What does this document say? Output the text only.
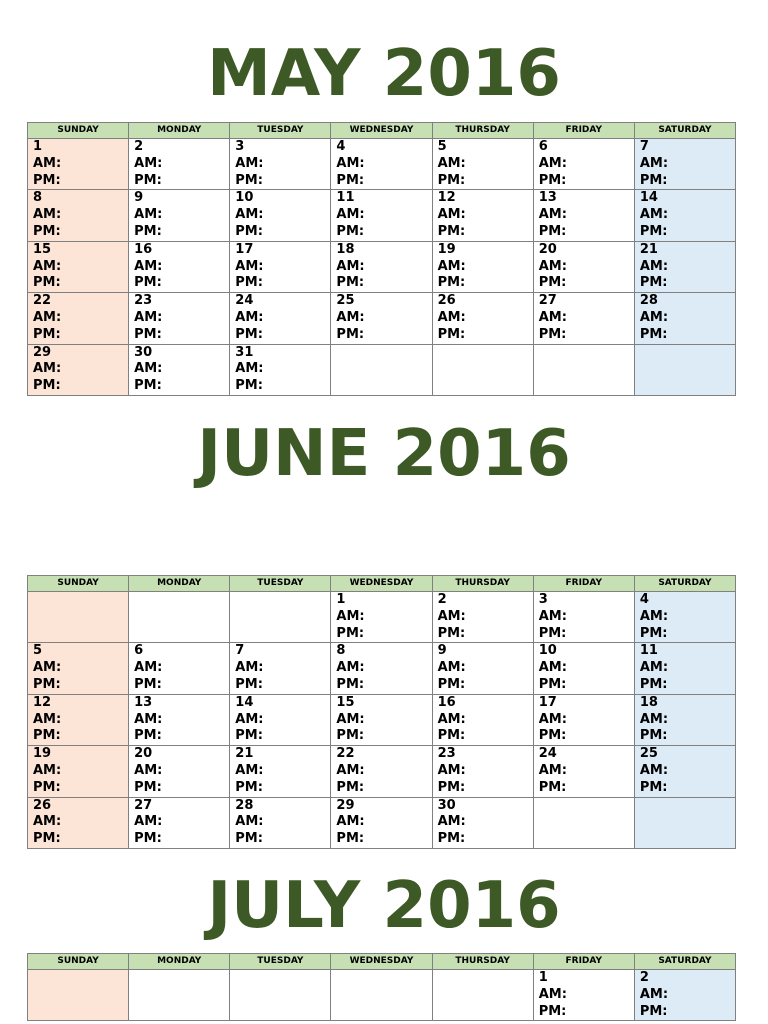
MAY 2016
SUNDAY	MONDAY	TUESDAY	WEDNESDAY	THURSDAY	FRIDAY	SATURDAY

1
AM:
PM:	2
AM:
PM:	3
AM:
PM:	4
AM:
PM:	5
AM:
PM:	6
AM:
PM:	7
AM:
PM:

8
AM:
PM:	9
AM:
PM:	10
AM:
PM:	11
AM:
PM:	12
AM:
PM:	13
AM:
PM:	14
AM:
PM:

15
AM:
PM:	16
AM:
PM:	17
AM:
PM:	18
AM:
PM:	19
AM:
PM:	20
AM:
PM:	21
AM:
PM:

22
AM:
PM:	23
AM:
PM:	24
AM:
PM:	25
AM:
PM:	26
AM:
PM:	27
AM:
PM:	28
AM:
PM:

29
AM:
PM:	30
AM:
PM:	31
AM:
PM:				

JUNE 2016
SUNDAY	MONDAY	TUESDAY	WEDNESDAY	THURSDAY	FRIDAY	SATURDAY

			1
AM:
PM:	2
AM:
PM:	3
AM:
PM:	4
AM:
PM:

5
AM:
PM:	6
AM:
PM:	7
AM:
PM:	8
AM:
PM:	9
AM:
PM:	10
AM:
PM:	11
AM:
PM:

12
AM:
PM:	13
AM:
PM:	14
AM:
PM:	15
AM:
PM:	16
AM:
PM:	17
AM:
PM:	18
AM:
PM:

19
AM:
PM:	20
AM:
PM:	21
AM:
PM:	22
AM:
PM:	23
AM:
PM:	24
AM:
PM:	25
AM:
PM:

26
AM:
PM:	27
AM:
PM:	28
AM:
PM:	29
AM:
PM:	30
AM:
PM:		

JULY 2016
SUNDAY	MONDAY	TUESDAY	WEDNESDAY	THURSDAY	FRIDAY	SATURDAY

					1
AM:
PM:	2
AM:
PM:
